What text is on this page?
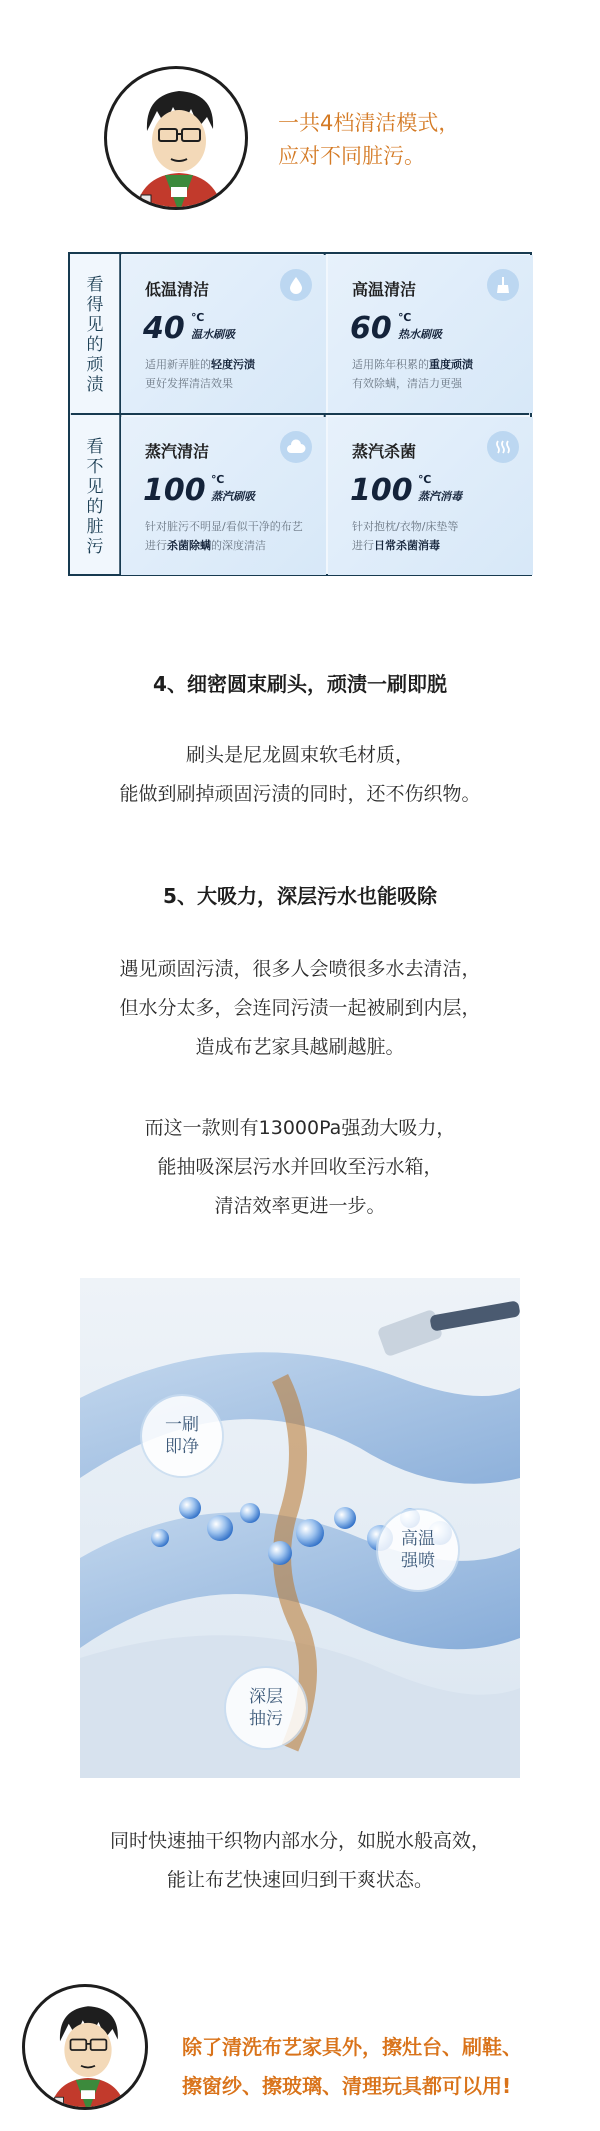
一共4档清洁模式，
应对不同脏污。
看得见的顽渍
看不见的脏污
低温清洁
40 ℃
温水刷吸
适用新弄脏的轻度污渍
更好发挥清洁效果
高温清洁
60 ℃
热水刷吸
适用陈年积累的重度顽渍
有效除螨，清洁力更强
蒸汽清洁
100 ℃
蒸汽刷吸
针对脏污不明显/看似干净的布艺
进行杀菌除螨的深度清洁
蒸汽杀菌
100 ℃
蒸汽消毒
针对抱枕/衣物/床垫等
进行日常杀菌消毒
4、细密圆束刷头，顽渍一刷即脱
刷头是尼龙圆束软毛材质，
能做到刷掉顽固污渍的同时，还不伤织物。
5、大吸力，深层污水也能吸除
遇见顽固污渍，很多人会喷很多水去清洁，
但水分太多，会连同污渍一起被刷到内层，
造成布艺家具越刷越脏。
而这一款则有13000Pa强劲大吸力，
能抽吸深层污水并回收至污水箱，
清洁效率更进一步。
一刷即净
高温强喷
深层抽污
同时快速抽干织物内部水分，如脱水般高效，
能让布艺快速回归到干爽状态。
除了清洗布艺家具外，擦灶台、刷鞋、
擦窗纱、擦玻璃、清理玩具都可以用!
